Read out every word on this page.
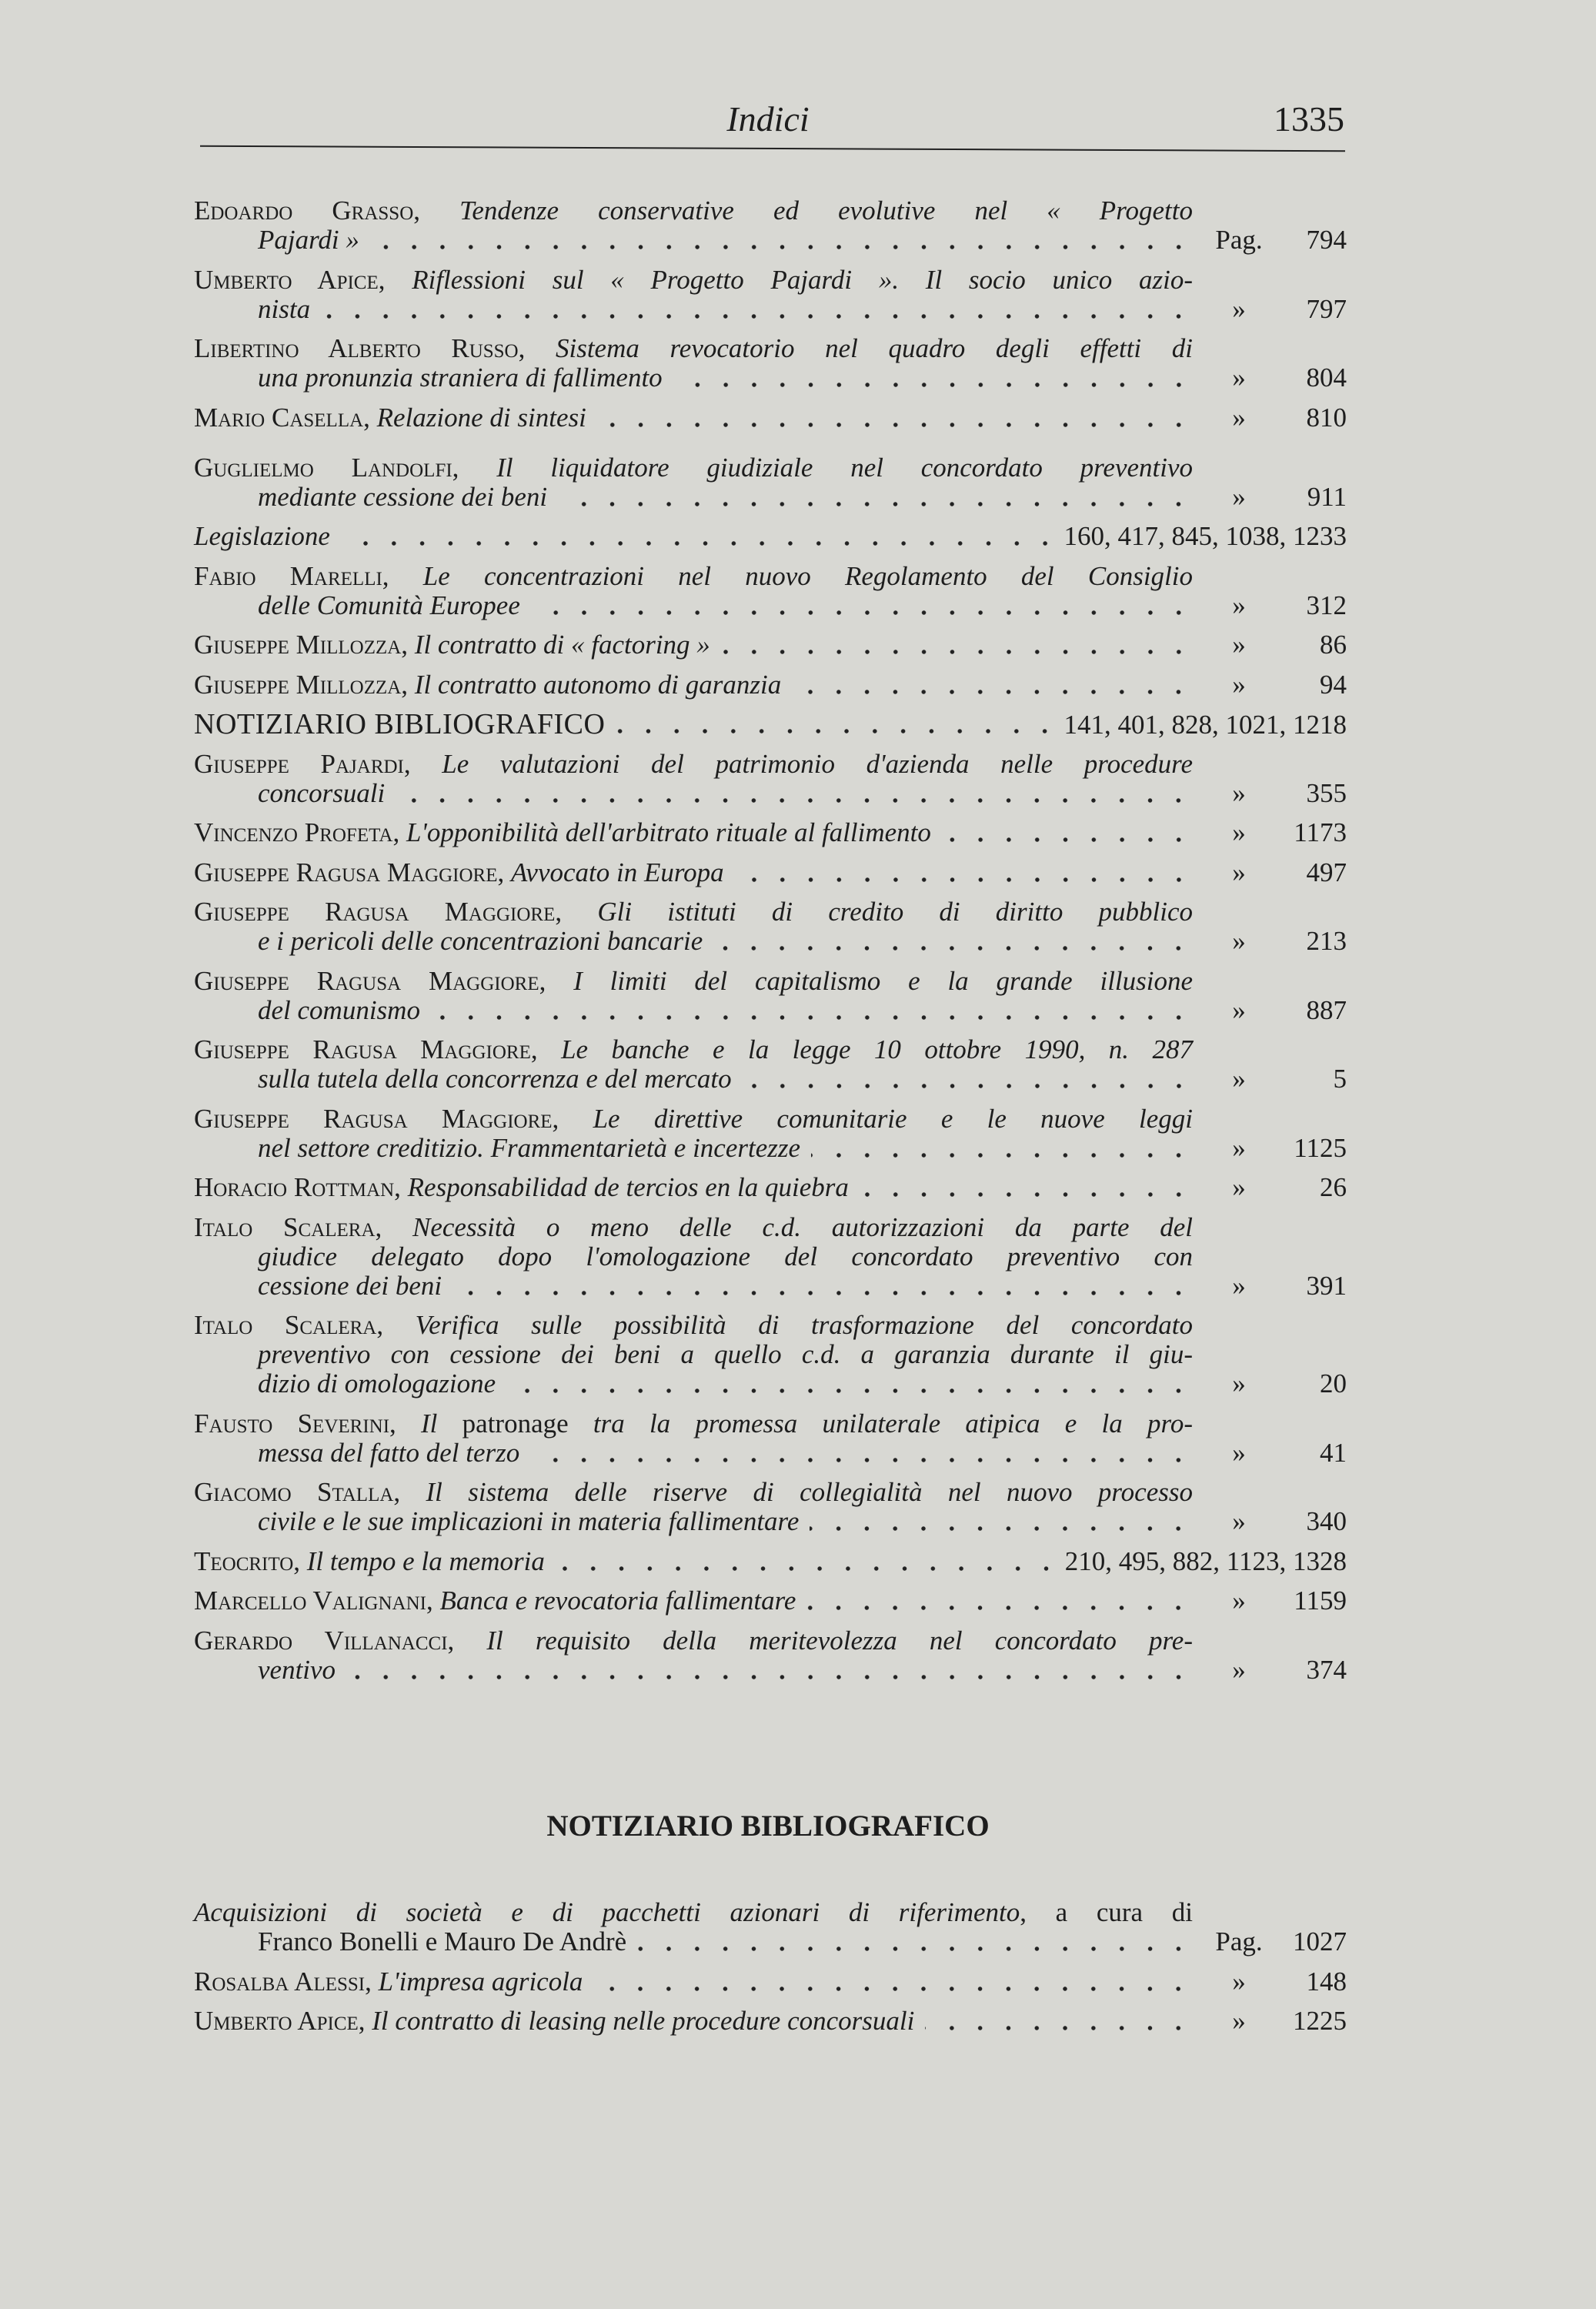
Indici	1335
Edoardo Grasso, Tendenze conservative ed evolutive nel « Progetto
Pajardi »	Pag.	794
Umberto Apice, Riflessioni sul « Progetto Pajardi ». Il socio unico azio-
nista	»	797
Libertino Alberto Russo, Sistema revocatorio nel quadro degli effetti di
una pronunzia straniera di fallimento	»	804
Mario Casella, Relazione di sintesi	»	810
Guglielmo Landolfi, Il liquidatore giudiziale nel concordato preventivo
mediante cessione dei beni	»	911
Legislazione	160, 417, 845, 1038, 1233
Fabio Marelli, Le concentrazioni nel nuovo Regolamento del Consiglio
delle Comunità Europee	»	312
Giuseppe Millozza, Il contratto di « factoring »	»	86
Giuseppe Millozza, Il contratto autonomo di garanzia	»	94
NOTIZIARIO BIBLIOGRAFICO	141, 401, 828, 1021, 1218
Giuseppe Pajardi, Le valutazioni del patrimonio d'azienda nelle procedure
concorsuali	»	355
Vincenzo Profeta, L'opponibilità dell'arbitrato rituale al fallimento	»	1173
Giuseppe Ragusa Maggiore, Avvocato in Europa	»	497
Giuseppe Ragusa Maggiore, Gli istituti di credito di diritto pubblico
e i pericoli delle concentrazioni bancarie	»	213
Giuseppe Ragusa Maggiore, I limiti del capitalismo e la grande illusione
del comunismo	»	887
Giuseppe Ragusa Maggiore, Le banche e la legge 10 ottobre 1990, n. 287
sulla tutela della concorrenza e del mercato	»	5
Giuseppe Ragusa Maggiore, Le direttive comunitarie e le nuove leggi
nel settore creditizio. Frammentarietà e incertezze	»	1125
Horacio Rottman, Responsabilidad de tercios en la quiebra	»	26
Italo Scalera, Necessità o meno delle c.d. autorizzazioni da parte del
giudice delegato dopo l'omologazione del concordato preventivo con
cessione dei beni	»	391
Italo Scalera, Verifica sulle possibilità di trasformazione del concordato
preventivo con cessione dei beni a quello c.d. a garanzia durante il giu-
dizio di omologazione	»	20
Fausto Severini, Il patronage tra la promessa unilaterale atipica e la pro-
messa del fatto del terzo	»	41
Giacomo Stalla, Il sistema delle riserve di collegialità nel nuovo processo
civile e le sue implicazioni in materia fallimentare	»	340
Teocrito, Il tempo e la memoria	210, 495, 882, 1123, 1328
Marcello Valignani, Banca e revocatoria fallimentare	»	1159
Gerardo Villanacci, Il requisito della meritevolezza nel concordato pre-
ventivo	»	374
NOTIZIARIO BIBLIOGRAFICO
Acquisizioni di società e di pacchetti azionari di riferimento, a cura di
Franco Bonelli e Mauro De Andrè	Pag.	1027
Rosalba Alessi, L'impresa agricola	»	148
Umberto Apice, Il contratto di leasing nelle procedure concorsuali	»	1225
